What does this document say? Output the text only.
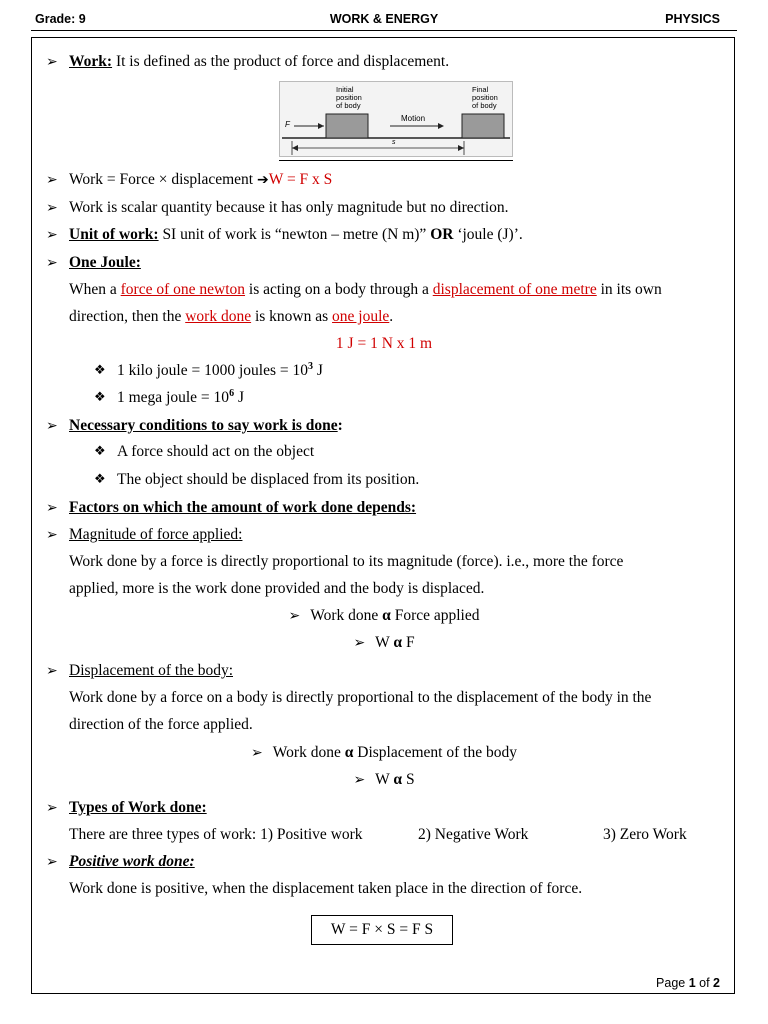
Grade: 9	WORK & ENERGY	PHYSICS
➢ Work: It is defined as the product of force and displacement.
Initial
position
of body
Final
position
of body
Motion
F
s
➢ Work = Force × displacement ➔W = F x S
➢ Work is scalar quantity because it has only magnitude but no direction.
➢ Unit of work: SI unit of work is “newton – metre (N m)” OR ‘joule (J)’.
➢ One Joule:
When a force of one newton is acting on a body through a displacement of one metre in its own
direction, then the work done is known as one joule.
1 J = 1 N x 1 m
❖ 1 kilo joule = 1000 joules = $10^3$ J
❖ 1 mega joule = $10^6$ J
➢ Necessary conditions to say work is done:
❖ A force should act on the object
❖ The object should be displaced from its position.
➢ Factors on which the amount of work done depends:
➢ Magnitude of force applied:
Work done by a force is directly proportional to its magnitude (force). i.e., more the force
applied, more is the work done provided and the body is displaced.
➢ Work done α Force applied
➢ W α F
➢ Displacement of the body:
Work done by a force on a body is directly proportional to the displacement of the body in the
direction of the force applied.
➢ Work done α Displacement of the body
➢ W α S
➢ Types of Work done:
There are three types of work: 1) Positive work	2) Negative Work	3) Zero Work
➢ Positive work done:
Work done is positive, when the displacement taken place in the direction of force.
W = F × S = F S
Page 1 of 2
